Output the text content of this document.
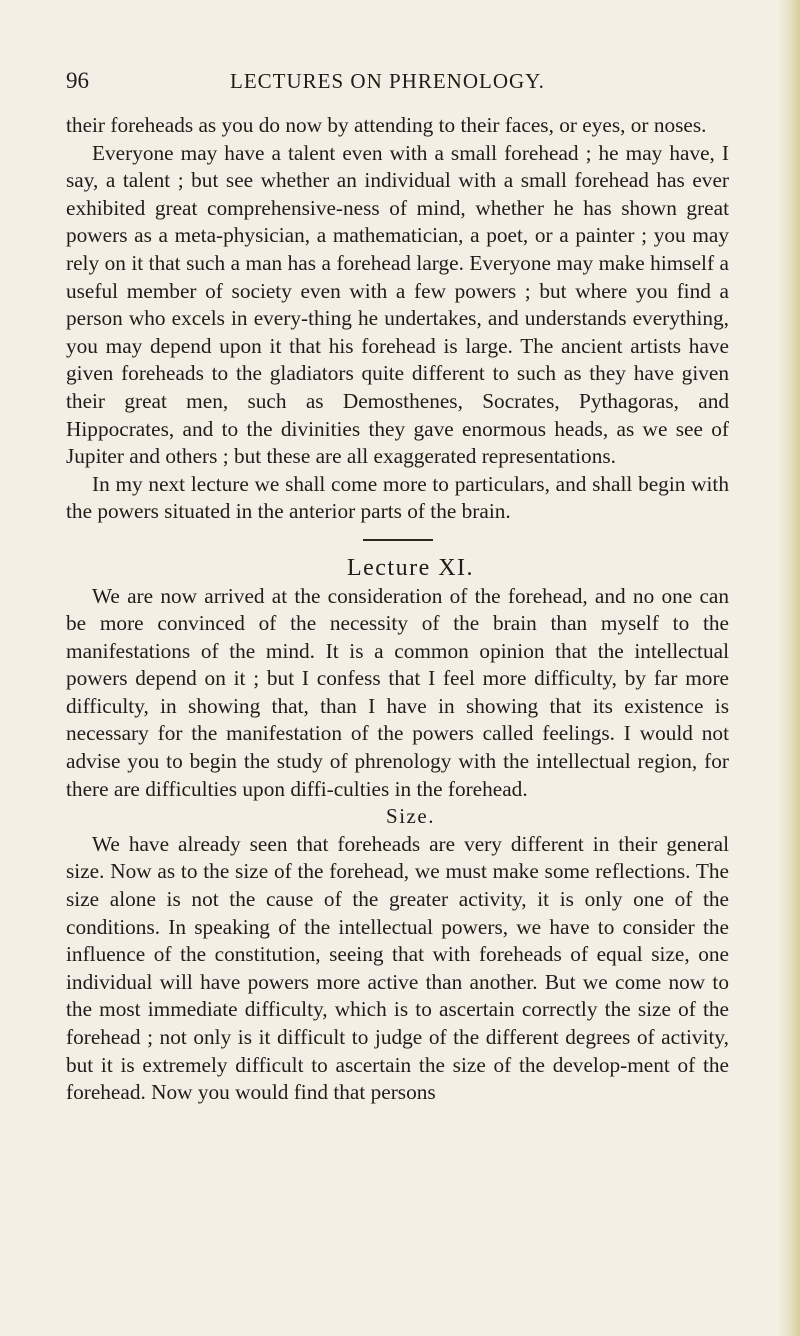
96	LECTURES ON PHRENOLOGY.

their foreheads as you do now by attending to their faces, or eyes, or noses.

Everyone may have a talent even with a small forehead ; he may have, I say, a talent ; but see whether an individual with a small forehead has ever exhibited great comprehensive-ness of mind, whether he has shown great powers as a meta-physician, a mathematician, a poet, or a painter ; you may rely on it that such a man has a forehead large. Everyone may make himself a useful member of society even with a few powers ; but where you find a person who excels in every-thing he undertakes, and understands everything, you may depend upon it that his forehead is large. The ancient artists have given foreheads to the gladiators quite different to such as they have given their great men, such as Demosthenes, Socrates, Pythagoras, and Hippocrates, and to the divinities they gave enormous heads, as we see of Jupiter and others ; but these are all exaggerated representations.

In my next lecture we shall come more to particulars, and shall begin with the powers situated in the anterior parts of the brain.

Lecture XI.

We are now arrived at the consideration of the forehead, and no one can be more convinced of the necessity of the brain than myself to the manifestations of the mind. It is a common opinion that the intellectual powers depend on it ; but I confess that I feel more difficulty, by far more difficulty, in showing that, than I have in showing that its existence is necessary for the manifestation of the powers called feelings. I would not advise you to begin the study of phrenology with the intellectual region, for there are difficulties upon diffi-culties in the forehead.

Size.

We have already seen that foreheads are very different in their general size. Now as to the size of the forehead, we must make some reflections. The size alone is not the cause of the greater activity, it is only one of the conditions. In speaking of the intellectual powers, we have to consider the influence of the constitution, seeing that with foreheads of equal size, one individual will have powers more active than another. But we come now to the most immediate difficulty, which is to ascertain correctly the size of the forehead ; not only is it difficult to judge of the different degrees of activity, but it is extremely difficult to ascertain the size of the develop-ment of the forehead. Now you would find that persons
